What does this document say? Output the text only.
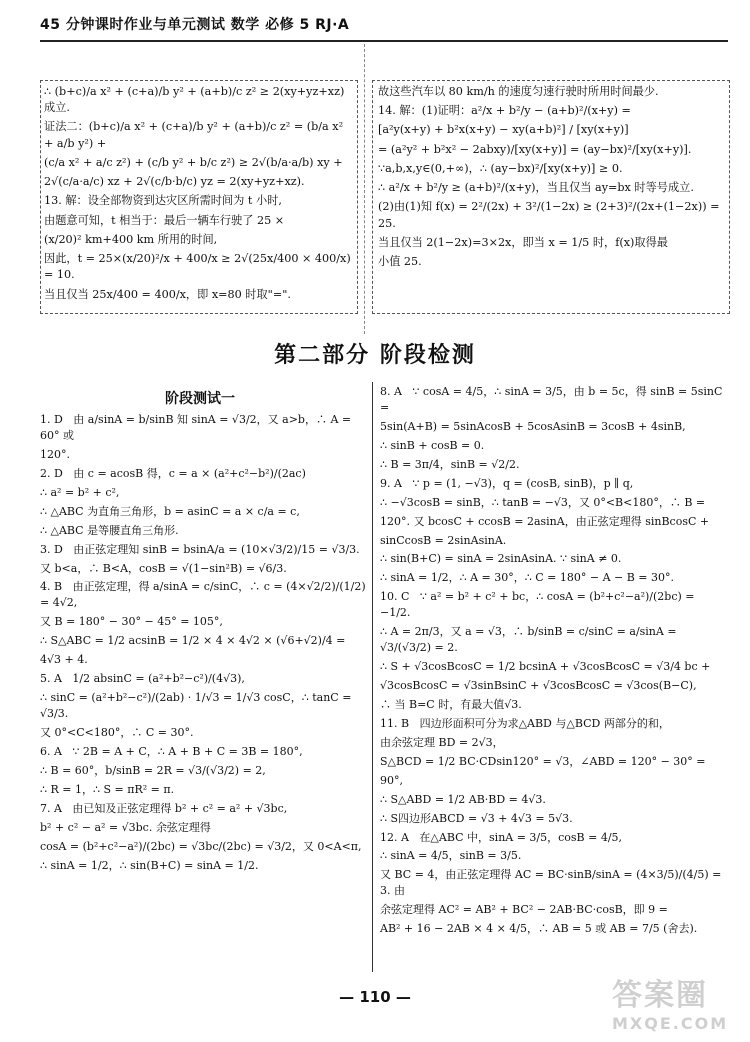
45 分钟课时作业与单元测试 数学 必修 5 RJ·A

∴ (b+c)/a x² + (c+a)/b y² + (a+b)/c z² ≥ 2(xy+yz+xz)成立.

证法二：(b+c)/a x² + (c+a)/b y² + (a+b)/c z² = (b/a x² + a/b y²) +

(c/a x² + a/c z²) + (c/b y² + b/c z²) ≥ 2√(b/a·a/b) xy +

2√(c/a·a/c) xz + 2√(c/b·b/c) yz = 2(xy+yz+xz).

13. 解：设全部物资到达灾区所需时间为 t 小时,

由题意可知，t 相当于：最后一辆车行驶了 25 ×

(x/20)² km+400 km 所用的时间,

因此，t = 25×(x/20)²/x + 400/x ≥ 2√(25x/400 × 400/x) = 10.

当且仅当 25x/400 = 400/x，即 x=80 时取"=".

故这些汽车以 80 km/h 的速度匀速行驶时所用时间最少.

14. 解：(1)证明：a²/x + b²/y − (a+b)²/(x+y) =

[a²y(x+y) + b²x(x+y) − xy(a+b)²] / [xy(x+y)]

= (a²y² + b²x² − 2abxy)/[xy(x+y)] = (ay−bx)²/[xy(x+y)].

∵a,b,x,y∈(0,+∞)，∴ (ay−bx)²/[xy(x+y)] ≥ 0.

∴ a²/x + b²/y ≥ (a+b)²/(x+y)，当且仅当 ay=bx 时等号成立.

(2)由(1)知 f(x) = 2²/(2x) + 3²/(1−2x) ≥ (2+3)²/(2x+(1−2x)) = 25.

当且仅当 2(1−2x)=3×2x，即当 x = 1/5 时，f(x)取得最

小值 25.

第二部分 阶段检测
阶段测试一

1. D   由 a/sinA = b/sinB 知 sinA = √3/2，又 a>b，∴ A = 60° 或

120°.

2. D   由 c = acosB 得，c = a × (a²+c²−b²)/(2ac)

∴ a² = b² + c²,

∴ △ABC 为直角三角形，b = asinC = a × c/a = c,

∴ △ABC 是等腰直角三角形.

3. D   由正弦定理知 sinB = bsinA/a = (10×√3/2)/15 = √3/3.

又 b<a，∴ B<A，cosB = √(1−sin²B) = √6/3.

4. B   由正弦定理，得 a/sinA = c/sinC，∴ c = (4×√2/2)/(1/2) = 4√2,

又 B = 180° − 30° − 45° = 105°,

∴ S△ABC = 1/2 acsinB = 1/2 × 4 × 4√2 × (√6+√2)/4 =

4√3 + 4.

5. A   1/2 absinC = (a²+b²−c²)/(4√3),

∴ sinC = (a²+b²−c²)/(2ab) · 1/√3 = 1/√3 cosC，∴ tanC = √3/3.

又 0°<C<180°，∴ C = 30°.

6. A   ∵ 2B = A + C，∴ A + B + C = 3B = 180°,

∴ B = 60°，b/sinB = 2R = √3/(√3/2) = 2,

∴ R = 1，∴ S = πR² = π.

7. A   由已知及正弦定理得 b² + c² = a² + √3bc,

b² + c² − a² = √3bc. 余弦定理得

cosA = (b²+c²−a²)/(2bc) = √3bc/(2bc) = √3/2，又 0<A<π,

∴ sinA = 1/2，∴ sin(B+C) = sinA = 1/2.

8. A   ∵ cosA = 4/5，∴ sinA = 3/5，由 b = 5c，得 sinB = 5sinC =

5sin(A+B) = 5sinAcosB + 5cosAsinB = 3cosB + 4sinB,

∴ sinB + cosB = 0.

∴ B = 3π/4，sinB = √2/2.

9. A   ∵ p = (1, −√3)，q = (cosB, sinB)，p ∥ q,

∴ −√3cosB = sinB，∴ tanB = −√3，又 0°<B<180°，∴ B =

120°. 又 bcosC + ccosB = 2asinA，由正弦定理得 sinBcosC +

sinCcosB = 2sinAsinA.

∴ sin(B+C) = sinA = 2sinAsinA. ∵ sinA ≠ 0.

∴ sinA = 1/2，∴ A = 30°，∴ C = 180° − A − B = 30°.

10. C   ∵ a² = b² + c² + bc，∴ cosA = (b²+c²−a²)/(2bc) = −1/2.

∴ A = 2π/3，又 a = √3，∴ b/sinB = c/sinC = a/sinA = √3/(√3/2) = 2.

∴ S + √3cosBcosC = 1/2 bcsinA + √3cosBcosC = √3/4 bc +

√3cosBcosC = √3sinBsinC + √3cosBcosC = √3cos(B−C),

∴ 当 B=C 时，有最大值√3.

11. B   四边形面积可分为求△ABD 与△BCD 两部分的和，

由余弦定理 BD = 2√3，

S△BCD = 1/2 BC·CDsin120° = √3，∠ABD = 120° − 30° =

90°,

∴ S△ABD = 1/2 AB·BD = 4√3.

∴ S四边形ABCD = √3 + 4√3 = 5√3.

12. A   在△ABC 中，sinA = 3/5，cosB = 4/5,

∴ sinA = 4/5，sinB = 3/5.

又 BC = 4，由正弦定理得 AC = BC·sinB/sinA = (4×3/5)/(4/5) = 3. 由

余弦定理得 AC² = AB² + BC² − 2AB·BC·cosB，即 9 =

AB² + 16 − 2AB × 4 × 4/5，∴ AB = 5 或 AB = 7/5 (舍去).

— 110 —	答案圈
MXQE.COM
